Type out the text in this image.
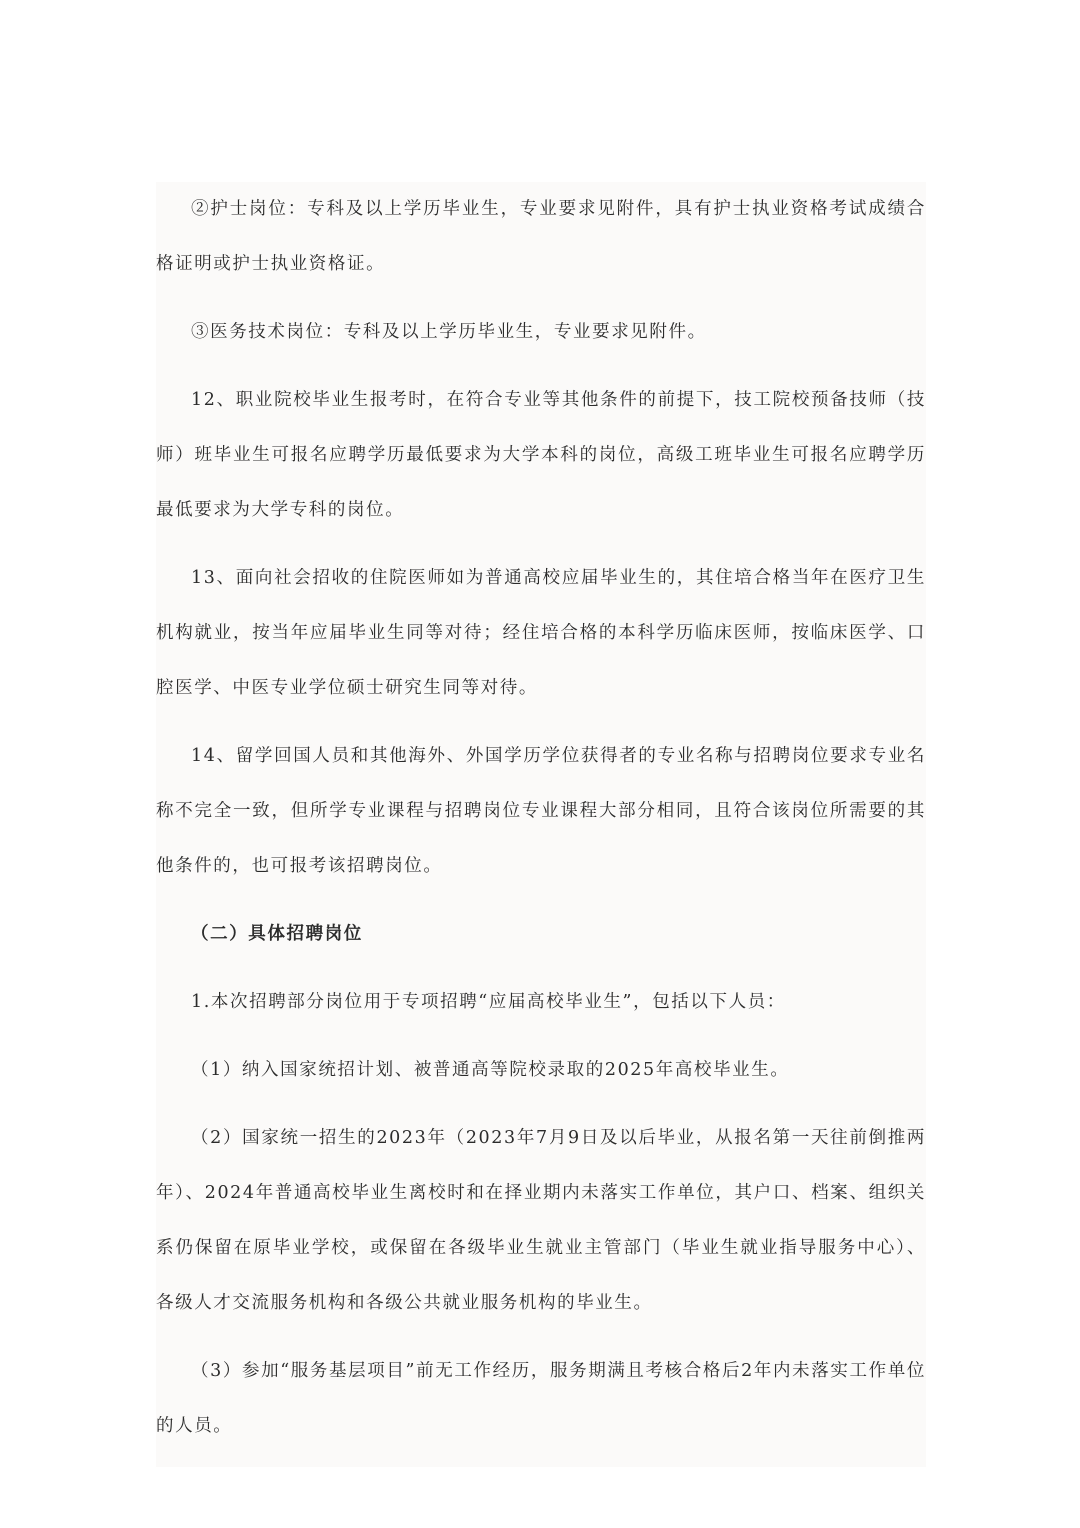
②护士岗位：专科及以上学历毕业生，专业要求见附件，具有护士执业资格考试成绩合格证明或护士执业资格证。

③医务技术岗位：专科及以上学历毕业生，专业要求见附件。

12、职业院校毕业生报考时，在符合专业等其他条件的前提下，技工院校预备技师（技师）班毕业生可报名应聘学历最低要求为大学本科的岗位，高级工班毕业生可报名应聘学历最低要求为大学专科的岗位。

13、面向社会招收的住院医师如为普通高校应届毕业生的，其住培合格当年在医疗卫生机构就业，按当年应届毕业生同等对待；经住培合格的本科学历临床医师，按临床医学、口腔医学、中医专业学位硕士研究生同等对待。

14、留学回国人员和其他海外、外国学历学位获得者的专业名称与招聘岗位要求专业名称不完全一致，但所学专业课程与招聘岗位专业课程大部分相同，且符合该岗位所需要的其他条件的，也可报考该招聘岗位。

（二）具体招聘岗位

1.本次招聘部分岗位用于专项招聘“应届高校毕业生”，包括以下人员：

（1）纳入国家统招计划、被普通高等院校录取的2025年高校毕业生。

（2）国家统一招生的2023年（2023年7月9日及以后毕业，从报名第一天往前倒推两年）、2024年普通高校毕业生离校时和在择业期内未落实工作单位，其户口、档案、组织关系仍保留在原毕业学校，或保留在各级毕业生就业主管部门（毕业生就业指导服务中心）、各级人才交流服务机构和各级公共就业服务机构的毕业生。

（3）参加“服务基层项目”前无工作经历，服务期满且考核合格后2年内未落实工作单位的人员。
